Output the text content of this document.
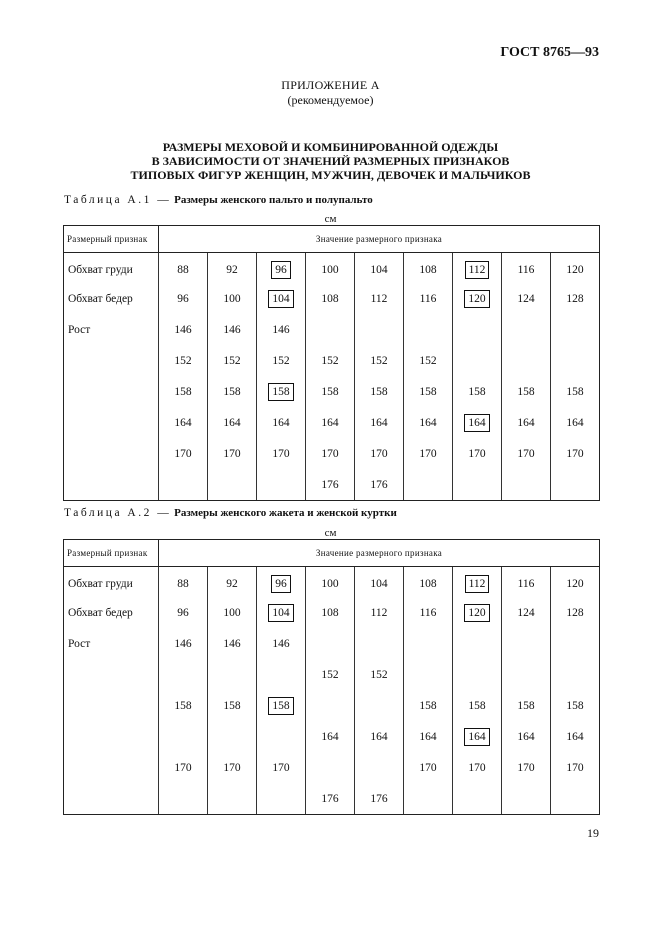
ГОСТ 8765—93
ПРИЛОЖЕНИЕ А
(рекомендуемое)
РАЗМЕРЫ МЕХОВОЙ И КОМБИНИРОВАННОЙ ОДЕЖДЫ
В ЗАВИСИМОСТИ ОТ ЗНАЧЕНИЙ РАЗМЕРНЫХ ПРИЗНАКОВ
ТИПОВЫХ ФИГУР ЖЕНЩИН, МУЖЧИН, ДЕВОЧЕК И МАЛЬЧИКОВ
Таблица А.1 — Размеры женского пальто и полупальто
см
Размерный признак	Значение размерного признака								
Обхват груди	88	92	96	100	104	108	112	116	120
Обхват бедер	96	100	104	108	112	116	120	124	128
Рост	146	146	146						
	152	152	152	152	152	152			
	158	158	158	158	158	158	158	158	158
	164	164	164	164	164	164	164	164	164
	170	170	170	170	170	170	170	170	170
				176	176				
Таблица А.2 — Размеры женского жакета и женской куртки
см
Размерный признак	Значение размерного признака								
Обхват груди	88	92	96	100	104	108	112	116	120
Обхват бедер	96	100	104	108	112	116	120	124	128
Рост	146	146	146						
				152	152				
	158	158	158			158	158	158	158
				164	164	164	164	164	164
	170	170	170			170	170	170	170
				176	176				
19
